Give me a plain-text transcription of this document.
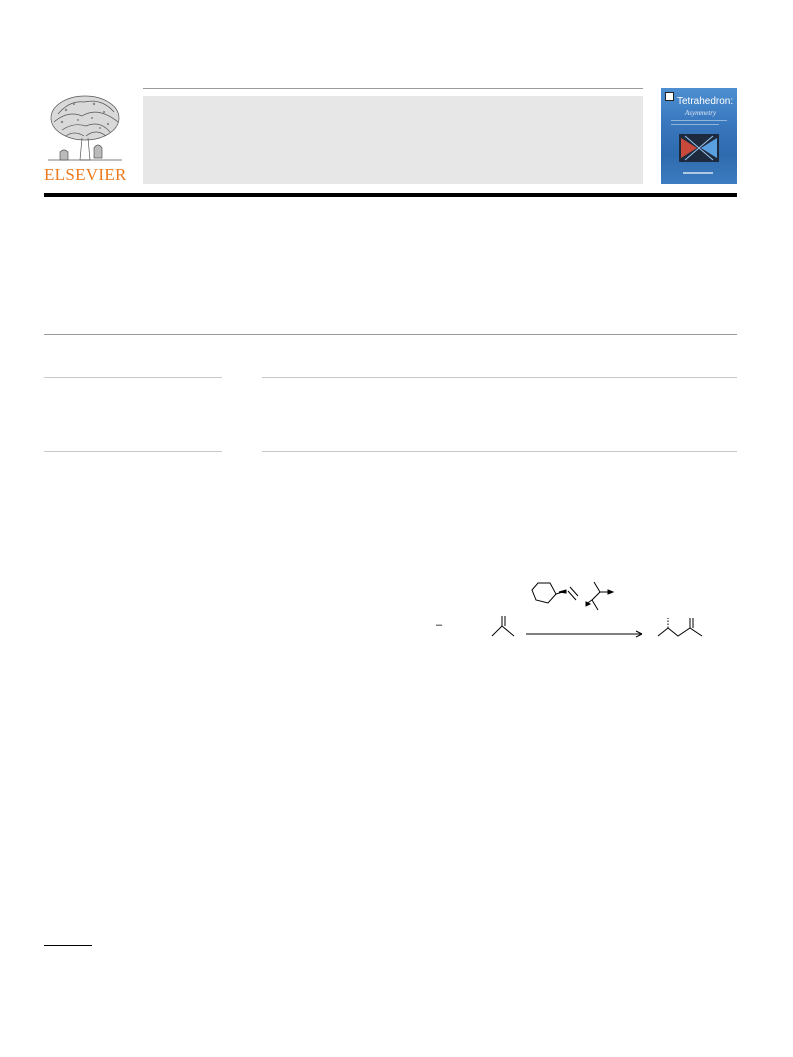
ELSEVIER
Tetrahedron:
Asymmetry
–
